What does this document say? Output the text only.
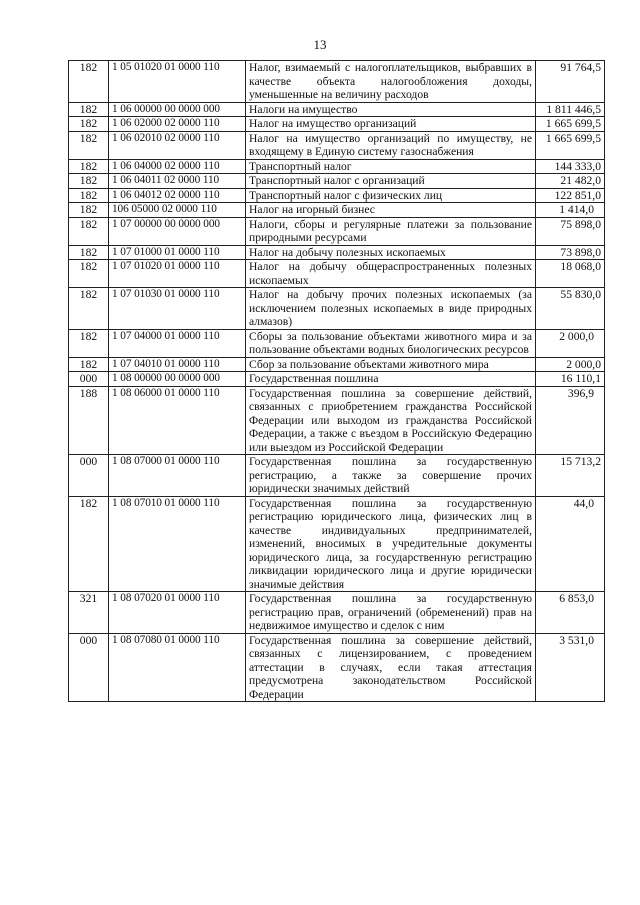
13
182	1 05 01020 01 0000 110	Налог, взимаемый с налогоплательщиков, выбравших в качестве объекта налогообложения доходы, уменьшенные на величину расходов	91 764,5
182	1 06 00000 00 0000 000	Налоги на имущество	1 811 446,5
182	1 06 02000 02 0000 110	Налог на имущество организаций	1 665 699,5
182	1 06 02010 02 0000 110	Налог на имущество организаций по имуществу, не входящему в Единую систему газоснабжения	1 665 699,5
182	1 06 04000 02 0000 110	Транспортный налог	144 333,0
182	1 06 04011 02 0000 110	Транспортный налог с организаций	21 482,0
182	1 06 04012 02 0000 110	Транспортный налог с физических лиц	122 851,0
182	106 05000 02 0000 110	Налог на игорный бизнес	1 414,0
182	1 07 00000 00 0000 000	Налоги, сборы и регулярные платежи за пользование природными ресурсами	75 898,0
182	1 07 01000 01 0000 110	Налог на добычу полезных ископаемых	73 898,0
182	1 07 01020 01 0000 110	Налог на добычу общераспространенных полезных ископаемых	18 068,0
182	1 07 01030 01 0000 110	Налог на добычу прочих полезных ископаемых (за исключением полезных ископаемых в виде природных алмазов)	55 830,0
182	1 07 04000 01 0000 110	Сборы за пользование объектами животного мира и за пользование объектами водных биологических ресурсов	2 000,0
182	1 07 04010 01 0000 110	Сбор за пользование объектами животного мира	2 000,0
000	1 08 00000 00 0000 000	Государственная пошлина	16 110,1
188	1 08 06000 01 0000 110	Государственная пошлина за совершение действий, связанных с приобретением гражданства Российской Федерации или выходом из гражданства Российской Федерации, а также с въездом в Российскую Федерацию или выездом из Российской Федерации	396,9
000	1 08 07000 01 0000 110	Государственная пошлина за государственную регистрацию, а также за совершение прочих юридически значимых действий	15 713,2
182	1 08 07010 01 0000 110	Государственная пошлина за государственную регистрацию юридического лица, физических лиц в качестве индивидуальных предпринимателей, изменений, вносимых в учредительные документы юридического лица, за государственную регистрацию ликвидации юридического лица и другие юридически значимые действия	44,0
321	1 08 07020 01 0000 110	Государственная пошлина за государственную регистрацию прав, ограничений (обременений) прав на недвижимое имущество и сделок с ним	6 853,0
000	1 08 07080 01 0000 110	Государственная пошлина за совершение действий, связанных с лицензированием, с проведением аттестации в случаях, если такая аттестация предусмотрена законодательством Российской Федерации	3 531,0
